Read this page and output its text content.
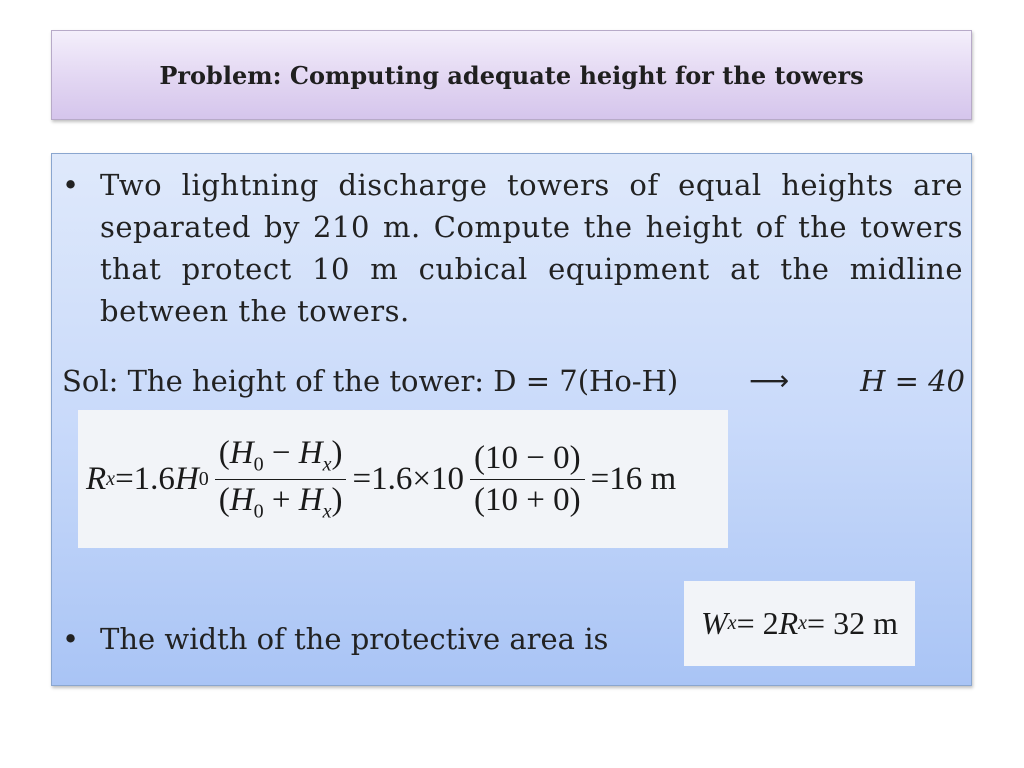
Problem: Computing adequate height for the towers
• Two lightning discharge towers of equal heights are separated by 210 m. Compute the height of the towers that protect 10 m cubical equipment at the midline between the towers.
Sol: The height of the tower: D = 7(Ho-H)	⟶ H = 40
R x =1.6 H $0 \frac{(H_0 - H_x)}{(H_0 + H_x)} =1.6\times 10 \frac{(10 - 0)}{(10 + 0)} =16$ m
• The width of the protective area is	W x = 2 R x = 32 m
